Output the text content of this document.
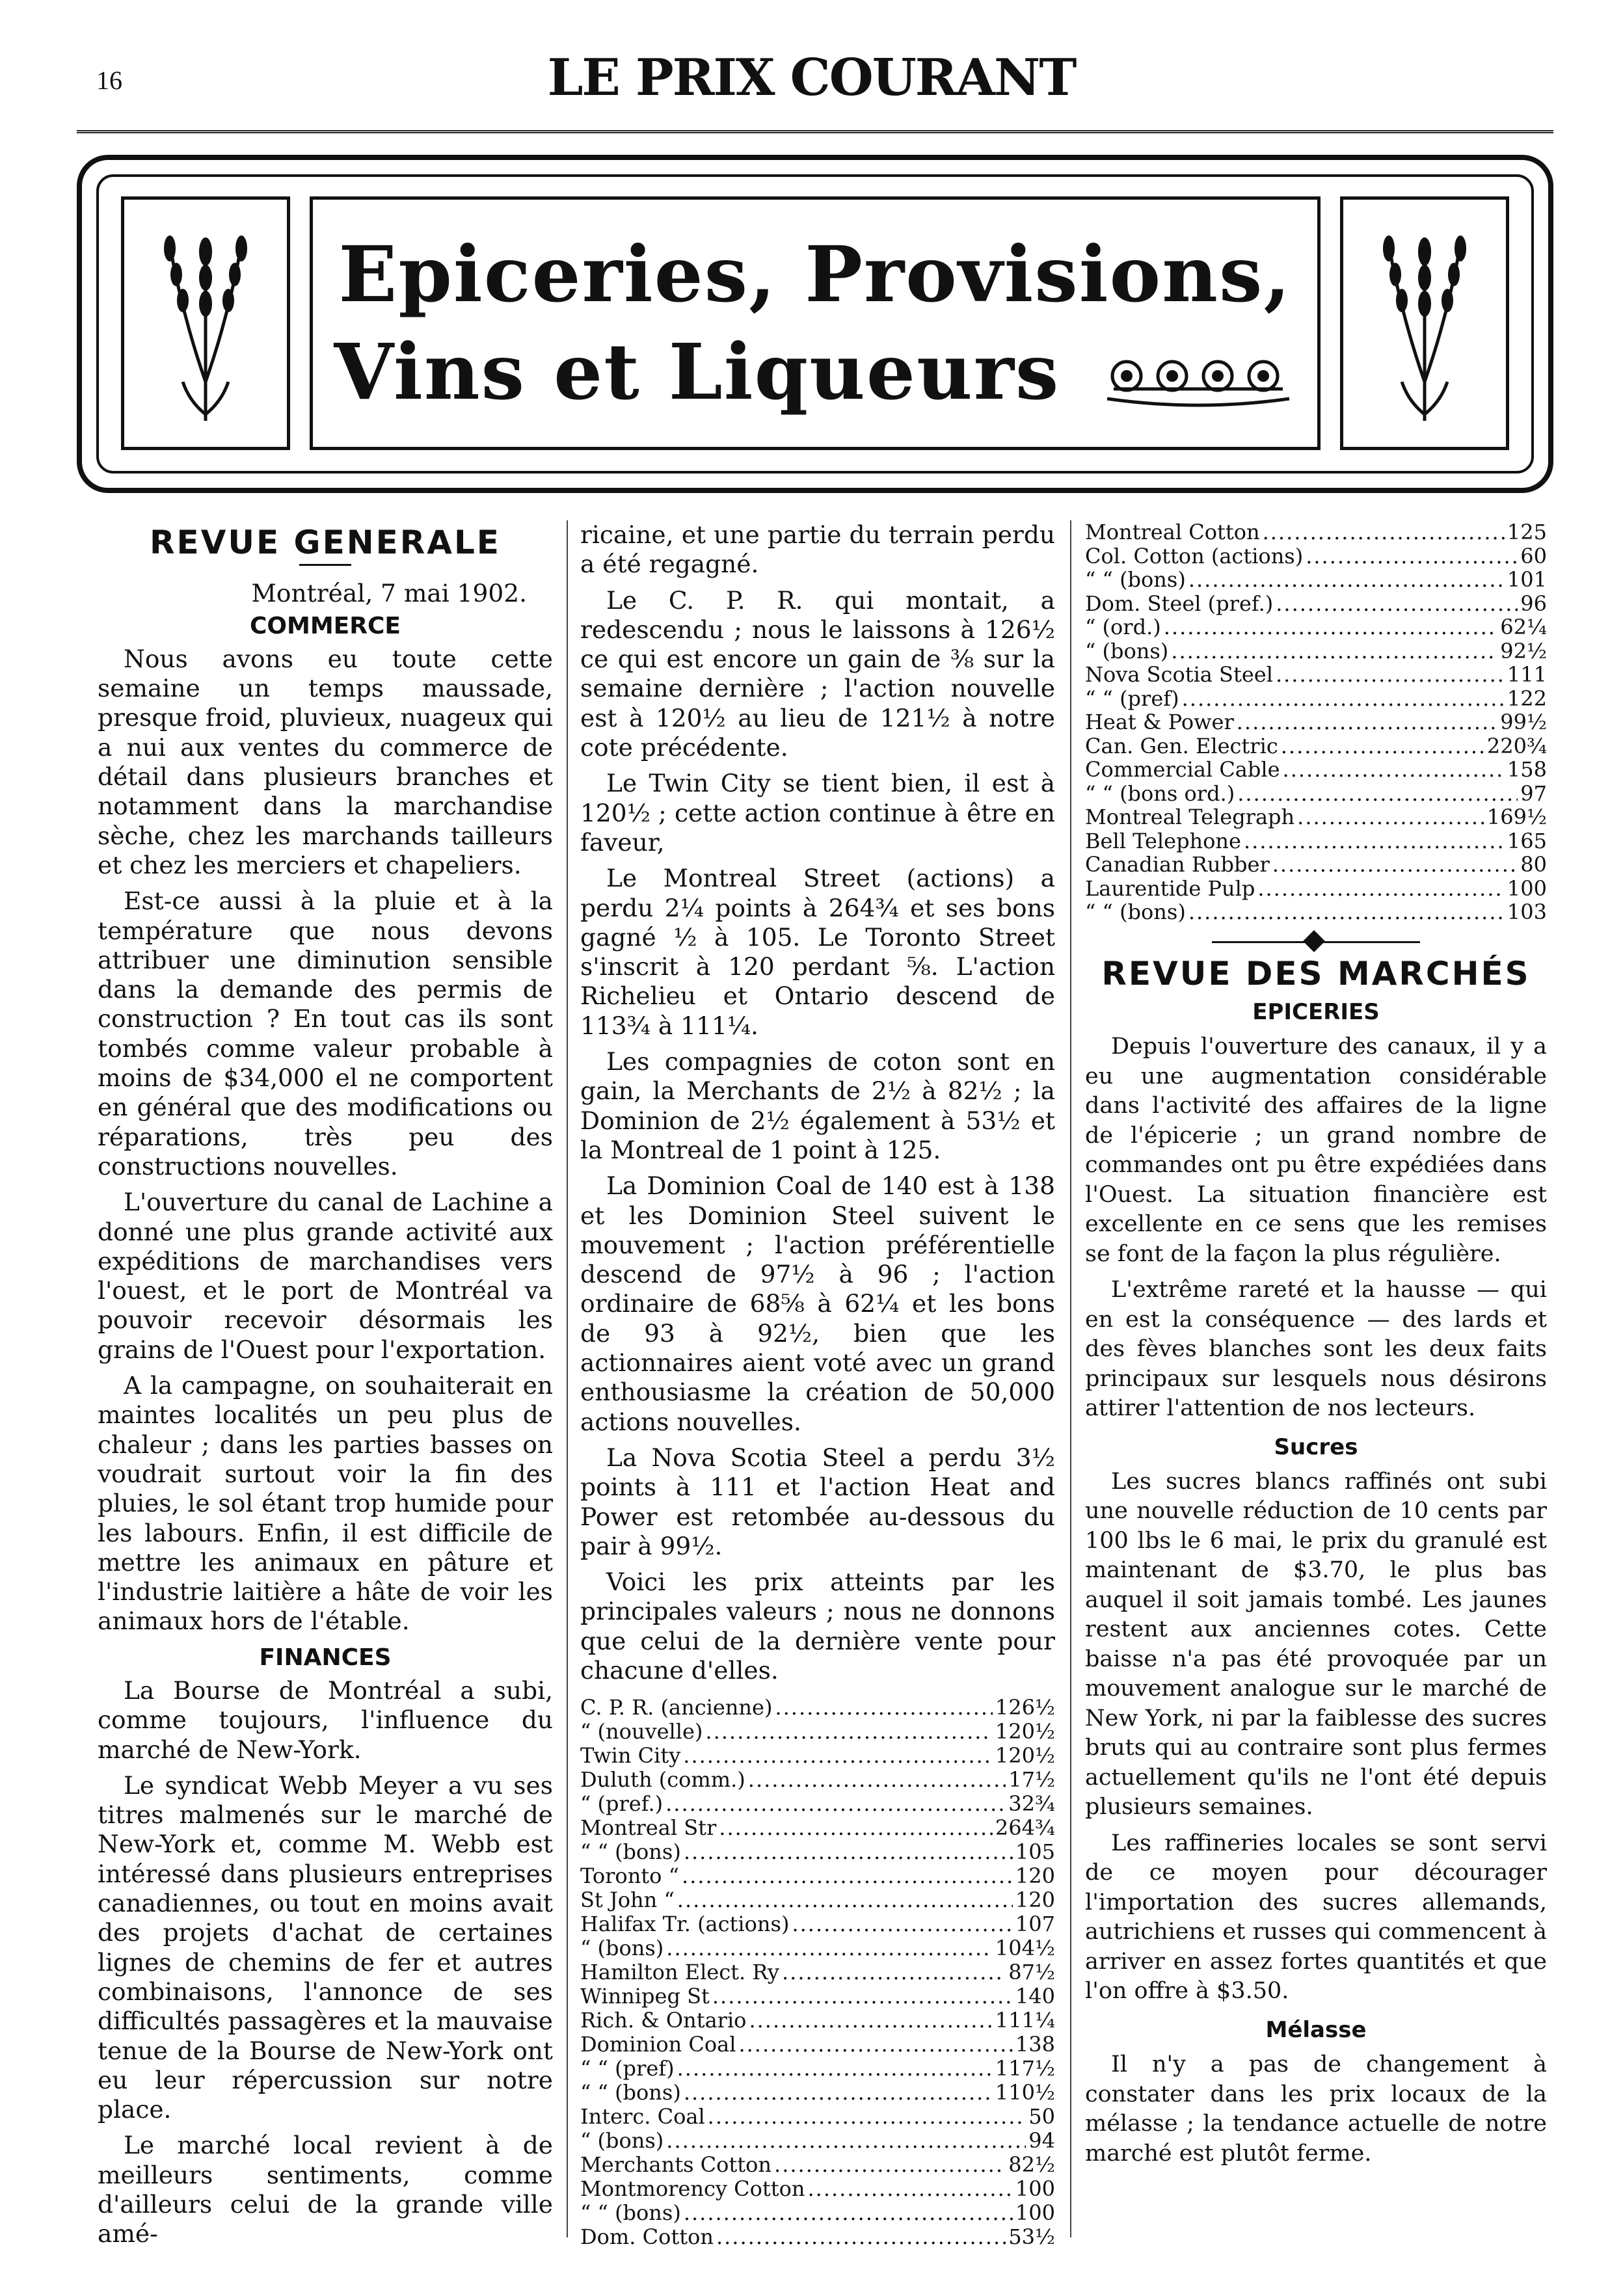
16	LE PRIX COURANT
Epiceries, Provisions,
Vins et Liqueurs
REVUE GENERALE
Montréal, 7 mai 1902.
COMMERCE

Nous avons eu toute cette semaine un temps maussade, presque froid, pluvieux, nuageux qui a nui aux ventes du commerce de détail dans plusieurs branches et notamment dans la marchandise sèche, chez les marchands tailleurs et chez les merciers et chapeliers.

Est-ce aussi à la pluie et à la température que nous devons attribuer une diminution sensible dans la demande des permis de construction ? En tout cas ils sont tombés comme valeur probable à moins de $34,000 el ne comportent en général que des modifications ou réparations, très peu des constructions nouvelles.

L'ouverture du canal de Lachine a donné une plus grande activité aux expéditions de marchandises vers l'ouest, et le port de Montréal va pouvoir recevoir désormais les grains de l'Ouest pour l'exportation.

A la campagne, on souhaiterait en maintes localités un peu plus de chaleur ; dans les parties basses on voudrait surtout voir la fin des pluies, le sol étant trop humide pour les labours. Enfin, il est difficile de mettre les animaux en pâture et l'industrie laitière a hâte de voir les animaux hors de l'étable.

FINANCES

La Bourse de Montréal a subi, comme toujours, l'influence du marché de New-York.

Le syndicat Webb Meyer a vu ses titres malmenés sur le marché de New-York et, comme M. Webb est intéressé dans plusieurs entreprises canadiennes, ou tout en moins avait des projets d'achat de certaines lignes de chemins de fer et autres combinaisons, l'annonce de ses difficultés passagères et la mauvaise tenue de la Bourse de New-York ont eu leur répercussion sur notre place.

Le marché local revient à de meilleurs sentiments, comme d'ailleurs celui de la grande ville amé-

ricaine, et une partie du terrain perdu a été regagné.

Le C. P. R. qui montait, a redescendu ; nous le laissons à 126½ ce qui est encore un gain de ⅜ sur la semaine dernière ; l'action nouvelle est à 120½ au lieu de 121½ à notre cote précédente.

Le Twin City se tient bien, il est à 120½ ; cette action continue à être en faveur,

Le Montreal Street (actions) a perdu 2¼ points à 264¾ et ses bons gagné ½ à 105. Le Toronto Street s'inscrit à 120 perdant ⅝. L'action Richelieu et Ontario descend de 113¾ à 111¼.

Les compagnies de coton sont en gain, la Merchants de 2½ à 82½ ; la Dominion de 2½ également à 53½ et la Montreal de 1 point à 125.

La Dominion Coal de 140 est à 138 et les Dominion Steel suivent le mouvement ; l'action préférentielle descend de 97½ à 96 ; l'action ordinaire de 68⅝ à 62¼ et les bons de 93 à 92½, bien que les actionnaires aient voté avec un grand enthousiasme la création de 50,000 actions nouvelles.

La Nova Scotia Steel a perdu 3½ points à 111 et l'action Heat and Power est retombée au-dessous du pair à 99½.

Voici les prix atteints par les principales valeurs ; nous ne donnons que celui de la dernière vente pour chacune d'elles.

C. P. R. (ancienne) .....	126½
“ (nouvelle) .....	120½
Twin City .....	120½
Duluth (comm.) .....	17½
“ (pref.) .....	32¾
Montreal Str .....	264¾
“ “ (bons) .....	105
Toronto “ .....	120
St John “ .....	120
Halifax Tr. (actions) .....	107
“ (bons) .....	104½
Hamilton Elect. Ry .....	87½
Winnipeg St .....	140
Rich. & Ontario .....	111¼
Dominion Coal .....	138
“ “ (pref) .....	117½
“ “ (bons) .....	110½
Interc. Coal .....	50
“ (bons) .....	94
Merchants Cotton .....	82½
Montmorency Cotton .....	100
“ “ (bons) .....	100
Dom. Cotton .....	53½
Montreal Cotton .....	125
Col. Cotton (actions) .....	60
“ “ (bons) .....	101
Dom. Steel (pref.) .....	96
“ (ord.) .....	62¼
“ (bons) .....	92½
Nova Scotia Steel .....	111
“ “ (pref) .....	122
Heat & Power .....	99½
Can. Gen. Electric .....	220¾
Commercial Cable .....	158
“ “ (bons ord.) .....	97
Montreal Telegraph .....	169½
Bell Telephone .....	165
Canadian Rubber .....	80
Laurentide Pulp .....	100
“ “ (bons) .....	103
REVUE DES MARCHÉS
EPICERIES

Depuis l'ouverture des canaux, il y a eu une augmentation considérable dans l'activité des affaires de la ligne de l'épicerie ; un grand nombre de commandes ont pu être expédiées dans l'Ouest. La situation financière est excellente en ce sens que les remises se font de la façon la plus régulière.

L'extrême rareté et la hausse — qui en est la conséquence — des lards et des fèves blanches sont les deux faits principaux sur lesquels nous désirons attirer l'attention de nos lecteurs.

Sucres

Les sucres blancs raffinés ont subi une nouvelle réduction de 10 cents par 100 lbs le 6 mai, le prix du granulé est maintenant de $3.70, le plus bas auquel il soit jamais tombé. Les jaunes restent aux anciennes cotes. Cette baisse n'a pas été provoquée par un mouvement analogue sur le marché de New York, ni par la faiblesse des sucres bruts qui au contraire sont plus fermes actuellement qu'ils ne l'ont été depuis plusieurs semaines.

Les raffineries locales se sont servi de ce moyen pour décourager l'importation des sucres allemands, autrichiens et russes qui commencent à arriver en assez fortes quantités et que l'on offre à $3.50.

Mélasse

Il n'y a pas de changement à constater dans les prix locaux de la mélasse ; la tendance actuelle de notre marché est plutôt ferme.
